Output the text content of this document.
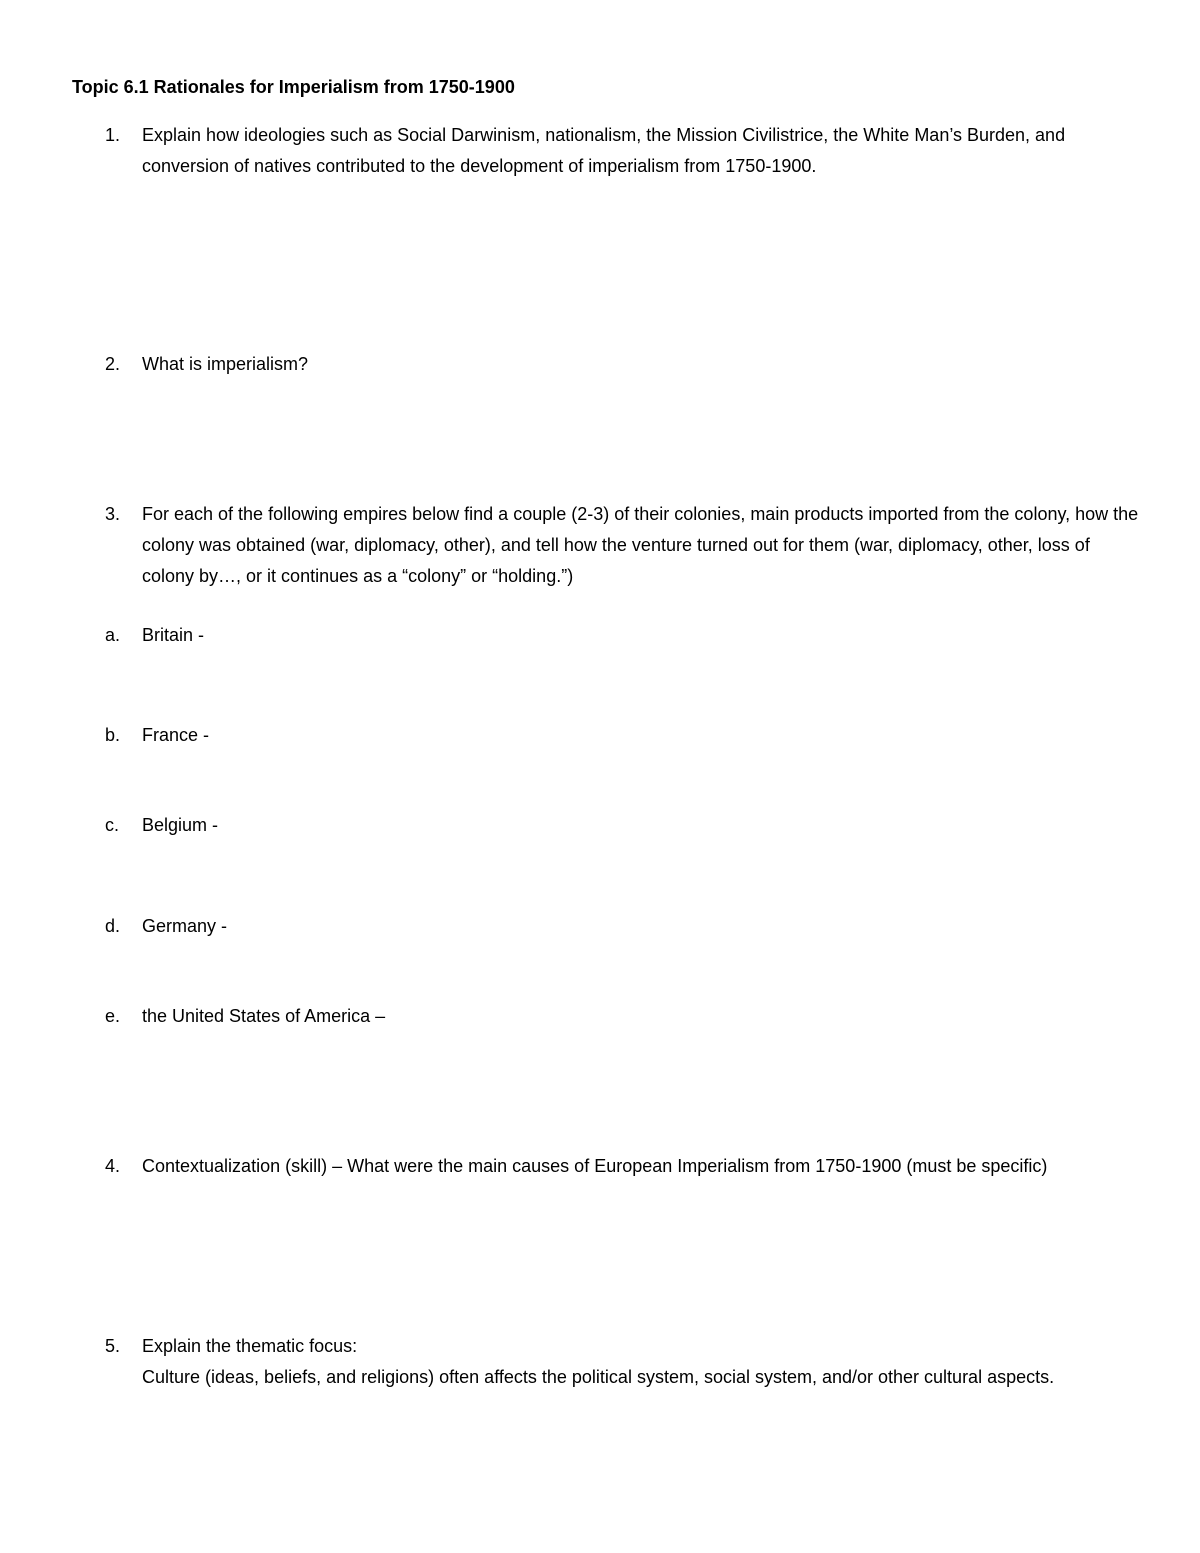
Topic 6.1 Rationales for Imperialism from 1750-1900
1.	Explain how ideologies such as Social Darwinism, nationalism, the Mission Civilistrice, the White Man’s Burden, and conversion of natives contributed to the development of imperialism from 1750-1900.
2.	What is imperialism?
3.	For each of the following empires below find a couple (2-3) of their colonies, main products imported from the colony, how the colony was obtained (war, diplomacy, other), and tell how the venture turned out for them (war, diplomacy, other, loss of colony by…, or it continues as a “colony” or “holding.”)
a.	Britain -
b.	France -
c.	Belgium -
d.	Germany -
e.	the United States of America –
4.	Contextualization (skill) – What were the main causes of European Imperialism from 1750-1900 (must be specific)
5.	Explain the thematic focus:
Culture (ideas, beliefs, and religions) often affects the political system, social system, and/or other cultural aspects.
